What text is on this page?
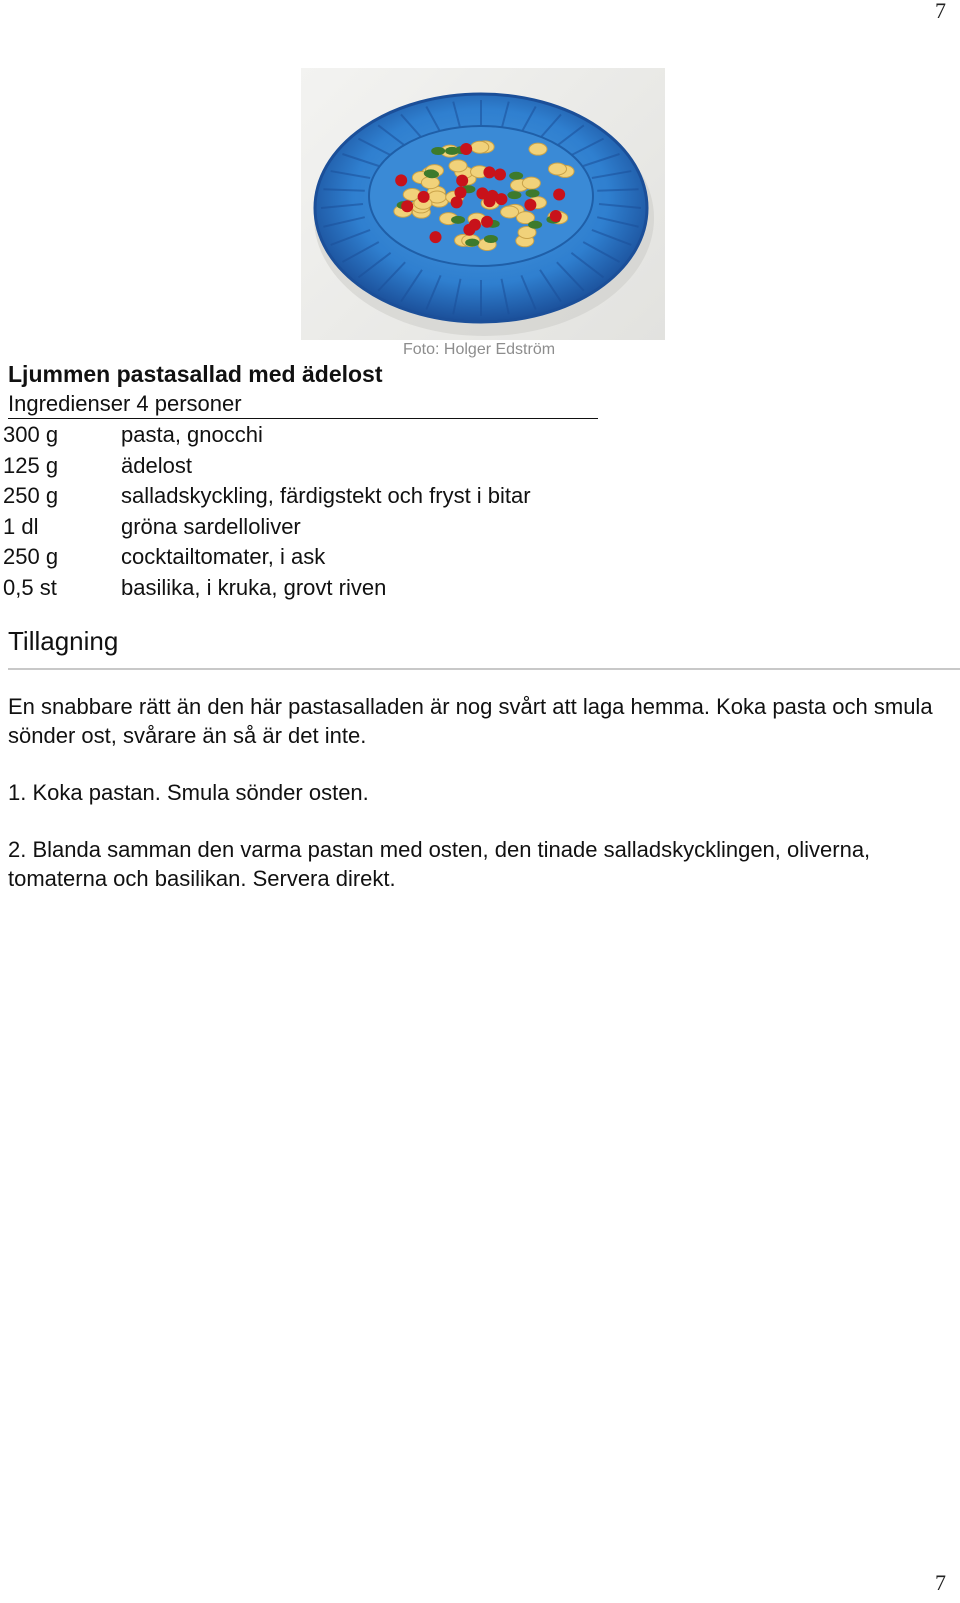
7
Foto: Holger Edström
Ljummen pastasallad med ädelost
Ingredienser 4 personer
300 g	pasta, gnocchi
125 g	ädelost
250 g	salladskyckling, färdigstekt och fryst i bitar
1 dl	gröna sardelloliver
250 g	cocktailtomater, i ask
0,5 st	basilika, i kruka, grovt riven
Tillagning

En snabbare rätt än den här pastasalladen är nog svårt att laga hemma. Koka pasta och smula sönder ost, svårare än så är det inte.

1. Koka pastan. Smula sönder osten.

2. Blanda samman den varma pastan med osten, den tinade salladskycklingen, oliverna, tomaterna och basilikan. Servera direkt.

7
